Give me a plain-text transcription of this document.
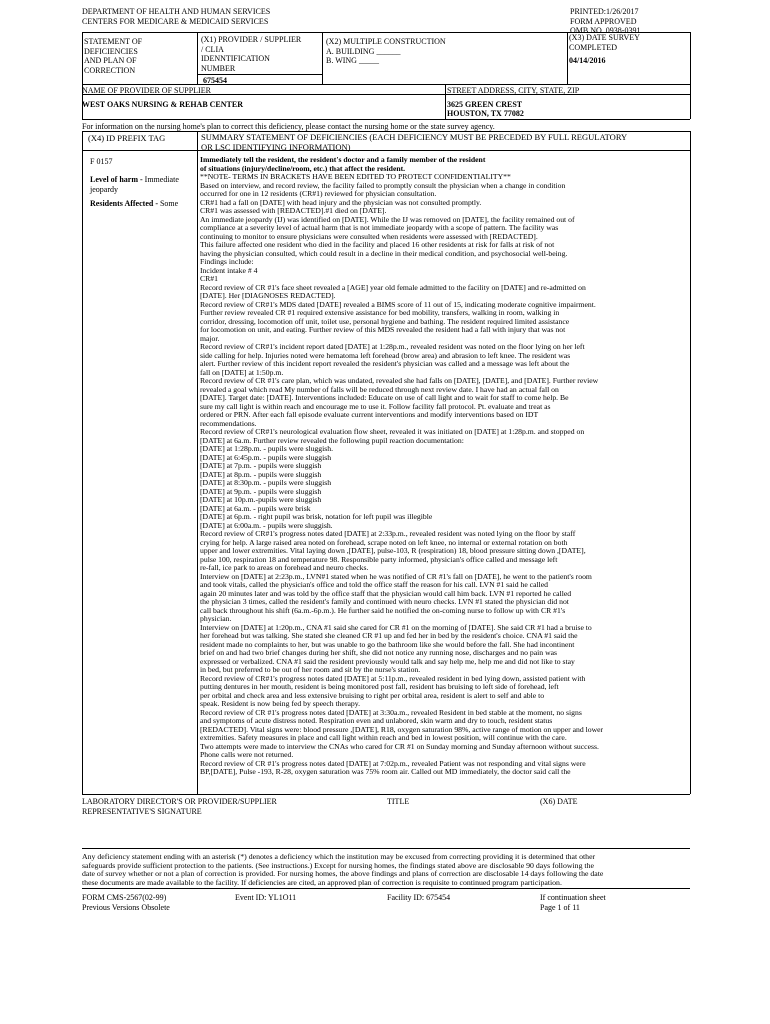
DEPARTMENT OF HEALTH AND HUMAN SERVICES
CENTERS FOR MEDICARE & MEDICAID SERVICES
PRINTED:1/26/2017
FORM APPROVED
OMB NO. 0938-0391
STATEMENT OF
DEFICIENCIES
AND PLAN OF
CORRECTION
(X1) PROVIDER / SUPPLIER
/ CLIA
IDENNTIFICATION
NUMBER
675454
(X2) MULTIPLE CONSTRUCTION
A. BUILDING ______
B. WING _____
(X3) DATE SURVEY
COMPLETED
04/14/2016
NAME OF PROVIDER OF SUPPLIER
WEST OAKS NURSING & REHAB CENTER
STREET ADDRESS, CITY, STATE, ZIP
3625 GREEN CREST
HOUSTON, TX 77082
For information on the nursing home's plan to correct this deficiency, please contact the nursing home or the state survey agency.
(X4) ID PREFIX TAG	SUMMARY STATEMENT OF DEFICIENCIES (EACH DEFICIENCY MUST BE PRECEDED BY FULL REGULATORY
OR LSC IDENTIFYING INFORMATION)
F 0157
Level of harm - Immediate
jeopardy
Residents Affected - Some
Immediately tell the resident, the resident's doctor and a family member of the resident
of situations (injury/decline/room, etc.) that affect the resident.
**NOTE- TERMS IN BRACKETS HAVE BEEN EDITED TO PROTECT CONFIDENTIALITY**
Based on interview, and record review, the facility failed to promptly consult the physician when a change in condition
occurred for one in 12 residents (CR#1) reviewed for physician consultation.
CR#1 had a fall on [DATE] with head injury and the physician was not consulted promptly.
CR#1 was assessed with [REDACTED].#1 died on [DATE].
An immediate jeopardy (IJ) was identified on [DATE]. While the IJ was removed on [DATE], the facility remained out of
compliance at a severity level of actual harm that is not immediate jeopardy with a scope of pattern. The facility was
continuing to monitor to ensure physicians were consulted when residents were assessed with [REDACTED].
This failure affected one resident who died in the facility and placed 16 other residents at risk for falls at risk of not
having the physician consulted, which could result in a decline in their medical condition, and psychosocial well-being.
Findings include:
Incident intake # 4
CR#1
Record review of CR #1's face sheet revealed a [AGE] year old female admitted to the facility on [DATE] and re-admitted on
[DATE]. Her [DIAGNOSES REDACTED].
Record review of CR#1's MDS dated [DATE] revealed a BIMS score of 11 out of 15, indicating moderate cognitive impairment.
Further review revealed CR #1 required extensive assistance for bed mobility, transfers, walking in room, walking in
corridor, dressing, locomotion off unit, toilet use, personal hygiene and bathing. The resident required limited assistance
for locomotion on unit, and eating. Further review of this MDS revealed the resident had a fall with injury that was not
major.
Record review of CR#1's incident report dated [DATE] at 1:28p.m., revealed resident was noted on the floor lying on her left
side calling for help. Injuries noted were hematoma left forehead (brow area) and abrasion to left knee. The resident was
alert. Further review of this incident report revealed the resident's physician was called and a message was left about the
fall on [DATE] at 1:50p.m.
Record review of CR #1's care plan, which was undated, revealed she had falls on [DATE], [DATE], and [DATE]. Further review
revealed a goal which read My number of falls will be reduced through next review date. I have had an actual fall on
[DATE]. Target date: [DATE]. Interventions included: Educate on use of call light and to wait for staff to come help. Be
sure my call light is within reach and encourage me to use it. Follow facility fall protocol. Pt. evaluate and treat as
ordered or PRN. After each fall episode evaluate current interventions and modify interventions based on IDT
recommendations.
Record review of CR#1's neurological evaluation flow sheet, revealed it was initiated on [DATE] at 1:28p.m. and stopped on
[DATE] at 6a.m. Further review revealed the following pupil reaction documentation:
[DATE] at 1:28p.m. - pupils were sluggish.
[DATE] at 6:45p.m. - pupils were sluggish
[DATE] at 7p.m. - pupils were sluggish
[DATE] at 8p.m. - pupils were sluggish
[DATE] at 8:30p.m. - pupils were sluggish
[DATE] at 9p.m. - pupils were sluggish
[DATE] at 10p.m.-pupils were sluggish
[DATE] at 6a.m. - pupils were brisk
[DATE] at 6p.m. - right pupil was brisk, notation for left pupil was illegible
[DATE] at 6:00a.m. - pupils were sluggish.
Record review of CR#1's progress notes dated [DATE] at 2:33p.m., revealed resident was noted lying on the floor by staff
crying for help. A large raised area noted on forehead, scrape noted on left knee, no internal or external rotation on both
upper and lower extremities. Vital laying down ,[DATE], pulse-103, R (respiration) 18, blood pressure sitting down ,[DATE],
pulse 100, respiration 18 and temperature 98. Responsible party informed, physician's office called and message left
re-fall, ice park to areas on forehead and neuro checks.
Interview on [DATE] at 2:23p.m., LVN#1 stated when he was notified of CR #1's fall on [DATE], he went to the patient's room
and took vitals, called the physician's office and told the office staff the reason for his call. LVN #1 said he called
again 20 minutes later and was told by the office staff that the physician would call him back. LVN #1 reported he called
the physician 3 times, called the resident's family and continued with neuro checks. LVN #1 stated the physician did not
call back throughout his shift (6a.m.-6p.m.). He further said he notified the on-coming nurse to follow up with CR #1's
physician.
Interview on [DATE] at 1:20p.m., CNA #1 said she cared for CR #1 on the morning of [DATE]. She said CR #1 had a bruise to
her forehead but was talking. She stated she cleaned CR #1 up and fed her in bed by the resident's choice. CNA #1 said the
resident made no complaints to her, but was unable to go the bathroom like she would before the fall. She had incontinent
brief on and had two brief changes during her shift, she did not notice any running nose, discharges and no pain was
expressed or verbalized. CNA #1 said the resident previously would talk and say help me, help me and did not like to stay
in bed, but preferred to be out of her room and sit by the nurse's station.
Record review of CR#1's progress notes dated [DATE] at 5:11p.m., revealed resident in bed lying down, assisted patient with
putting dentures in her mouth, resident is being monitored post fall, resident has bruising to left side of forehead, left
per orbital and check area and less extensive bruising to right per orbital area, resident is alert to self and able to
speak. Resident is now being fed by speech therapy.
Record review of CR #1's progress notes dated [DATE] at 3:30a.m., revealed Resident in bed stable at the moment, no signs
and symptoms of acute distress noted. Respiration even and unlabored, skin warm and dry to touch, resident status
[REDACTED]. Vital signs were: blood pressure ,[DATE], R18, oxygen saturation 98%, active range of motion on upper and lower
extremities. Safety measures in place and call light within reach and bed in lowest position, will continue with the care.
Two attempts were made to interview the CNAs who cared for CR #1 on Sunday morning and Sunday afternoon without success.
Phone calls were not returned.
Record review of CR #1's progress notes dated [DATE] at 7:02p.m., revealed Patient was not responding and vital signs were
BP,[DATE], Pulse -193, R-28, oxygen saturation was 75% room air. Called out MD immediately, the doctor said call the
LABORATORY DIRECTOR'S OR PROVIDER/SUPPLIER
REPRESENTATIVE'S SIGNATURE
TITLE	(X6) DATE
Any deficiency statement ending with an asterisk (*) denotes a deficiency which the institution may be excused from correcting providing it is determined that other
safeguards provide sufficient protection to the patients. (See instructions.) Except for nursing homes, the findings stated above are disclosable 90 days following the
date of survey whether or not a plan of correction is provided. For nursing homes, the above findings and plans of correction are disclosable 14 days following the date
these documents are made available to the facility. If deficiencies are cited, an approved plan of correction is requisite to continued program participation.
FORM CMS-2567(02-99)
Previous Versions Obsolete
Event ID: YL1O11	Facility ID: 675454	If continuation sheet
Page 1 of 11
